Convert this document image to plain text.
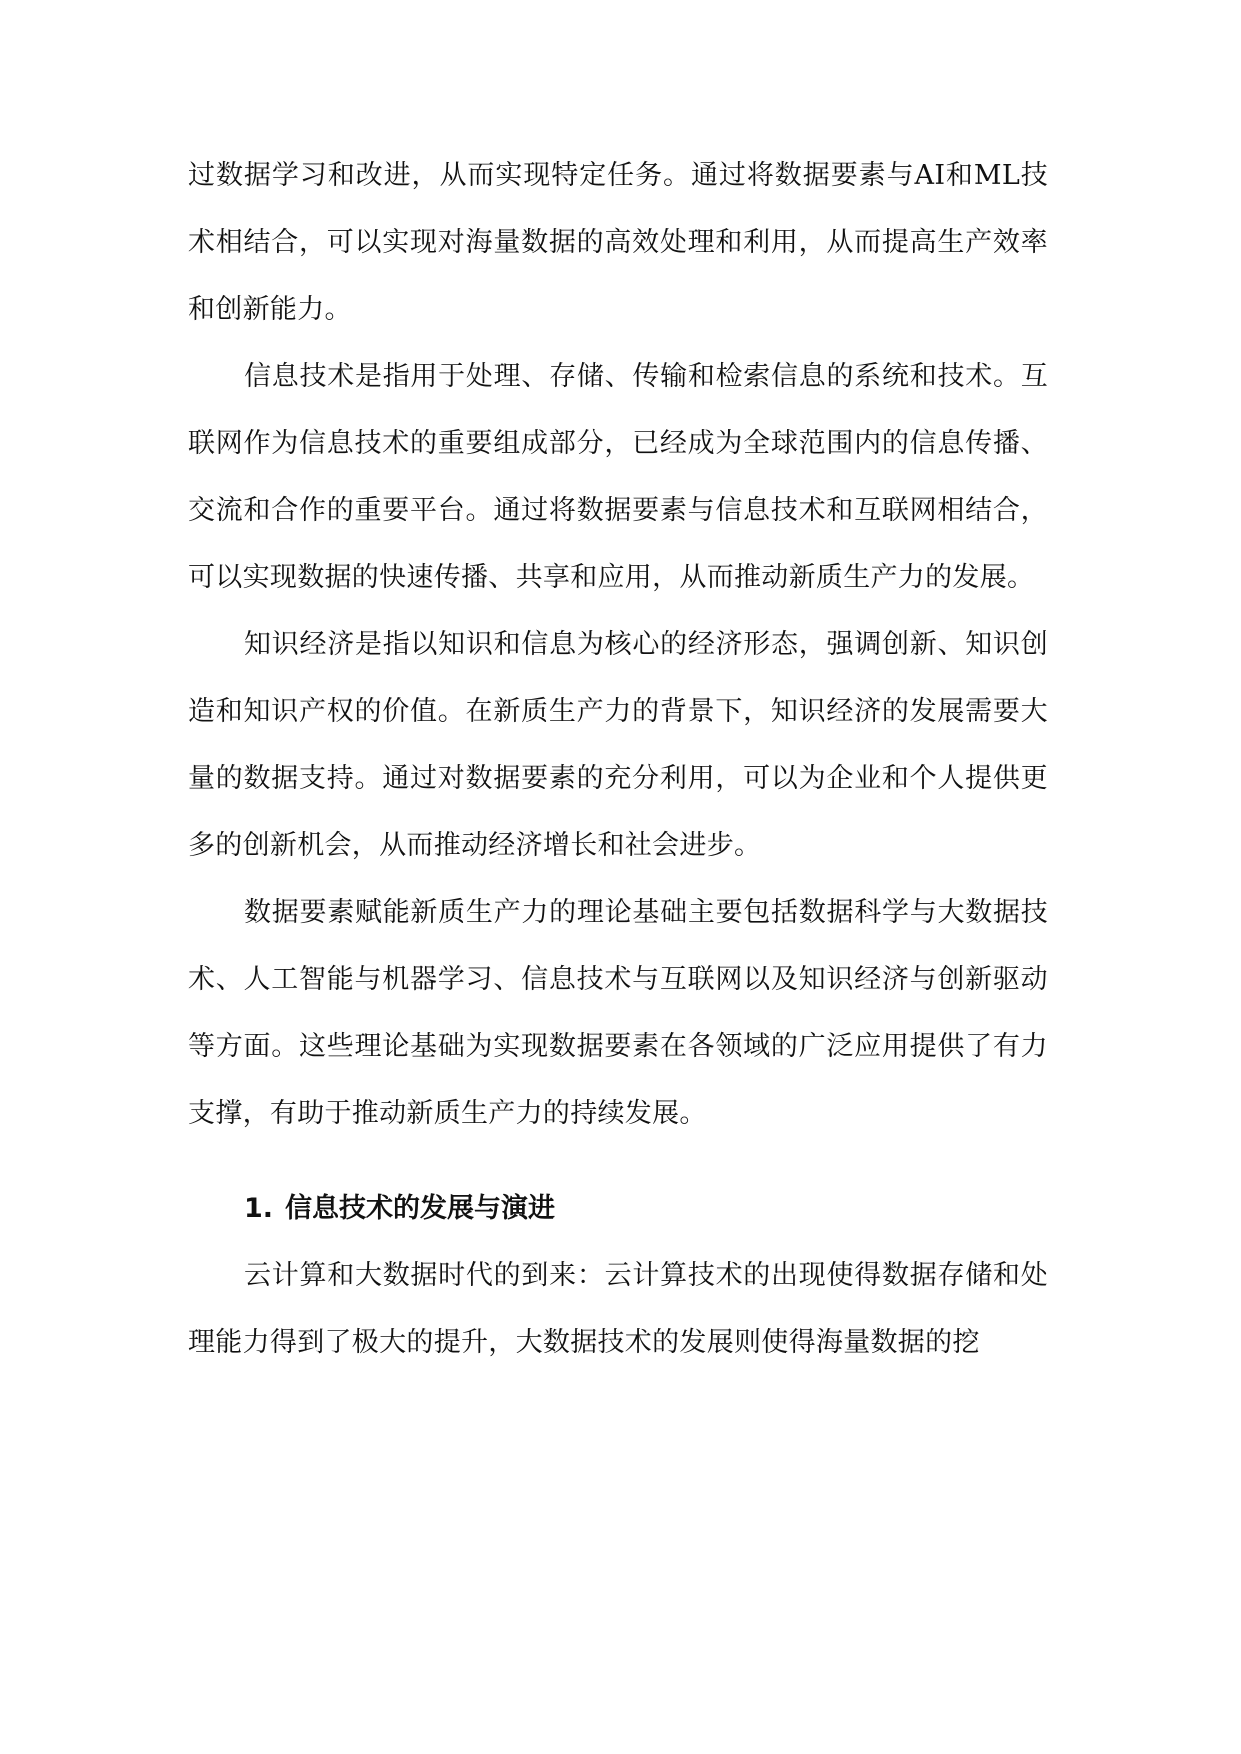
过数据学习和改进，从而实现特定任务。通过将数据要素与AI和ML技术相结合，可以实现对海量数据的高效处理和利用，从而提高生产效率和创新能力。

信息技术是指用于处理、存储、传输和检索信息的系统和技术。互联网作为信息技术的重要组成部分，已经成为全球范围内的信息传播、交流和合作的重要平台。通过将数据要素与信息技术和互联网相结合，可以实现数据的快速传播、共享和应用，从而推动新质生产力的发展。

知识经济是指以知识和信息为核心的经济形态，强调创新、知识创造和知识产权的价值。在新质生产力的背景下，知识经济的发展需要大量的数据支持。通过对数据要素的充分利用，可以为企业和个人提供更多的创新机会，从而推动经济增长和社会进步。

数据要素赋能新质生产力的理论基础主要包括数据科学与大数据技术、人工智能与机器学习、信息技术与互联网以及知识经济与创新驱动等方面。这些理论基础为实现数据要素在各领域的广泛应用提供了有力支撑，有助于推动新质生产力的持续发展。

1. 信息技术的发展与演进

云计算和大数据时代的到来：云计算技术的出现使得数据存储和处理能力得到了极大的提升，大数据技术的发展则使得海量数据的挖
